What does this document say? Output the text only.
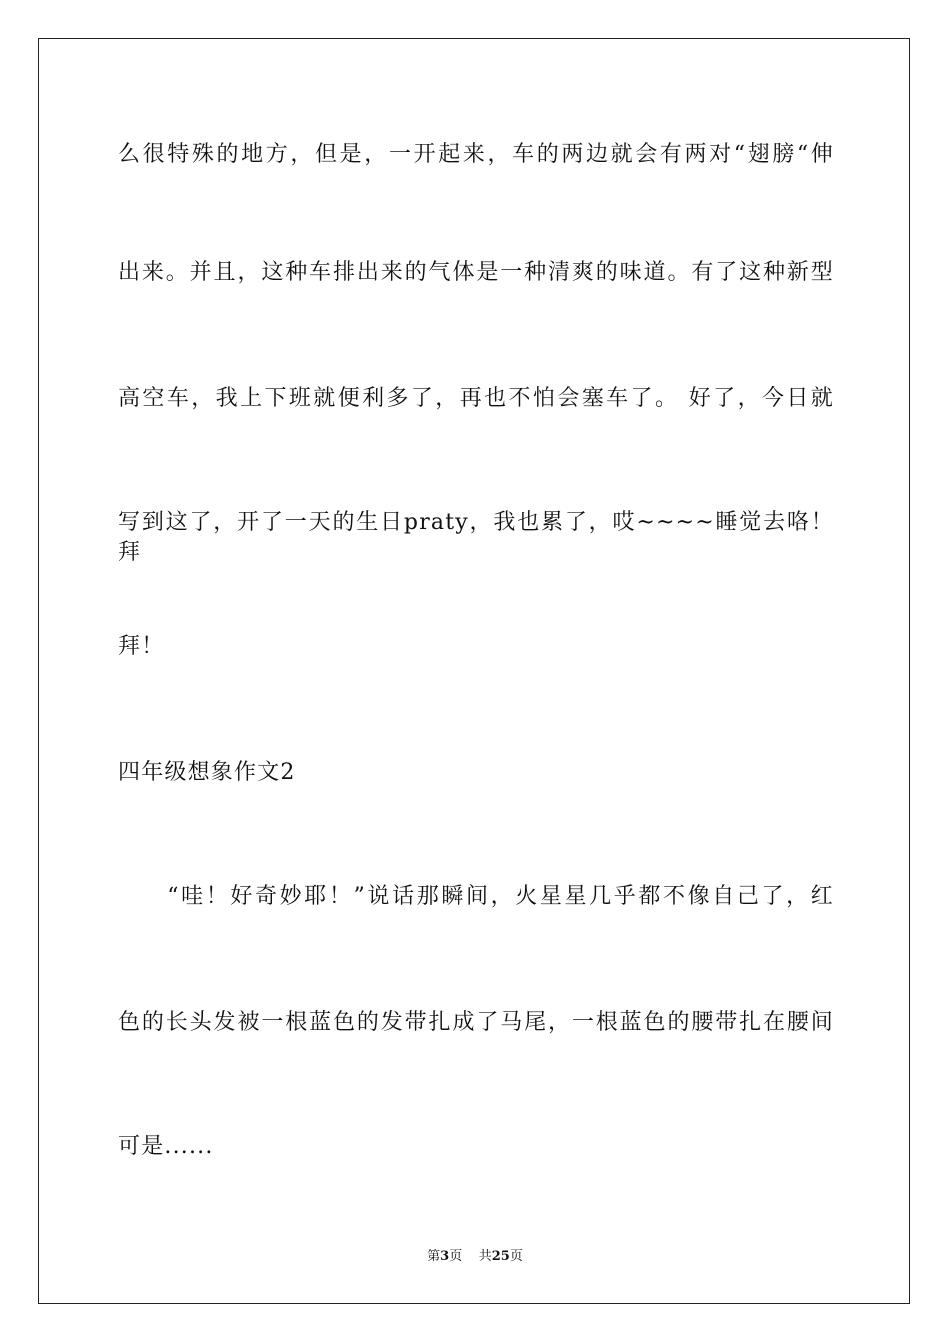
么很特殊的地方，但是，一开起来，车的两边就会有两对“翅膀“伸
出来。并且，这种车排出来的气体是一种清爽的味道。有了这种新型
高空车，我上下班就便利多了，再也不怕会塞车了。 好了，今日就
写到这了，开了一天的生日praty，我也累了，哎~~~~睡觉去咯！拜
拜！
四年级想象作文2
　　“哇！好奇妙耶！”说话那瞬间，火星星几乎都不像自己了，红
色的长头发被一根蓝色的发带扎成了马尾，一根蓝色的腰带扎在腰间
可是......
第3页 共25页
